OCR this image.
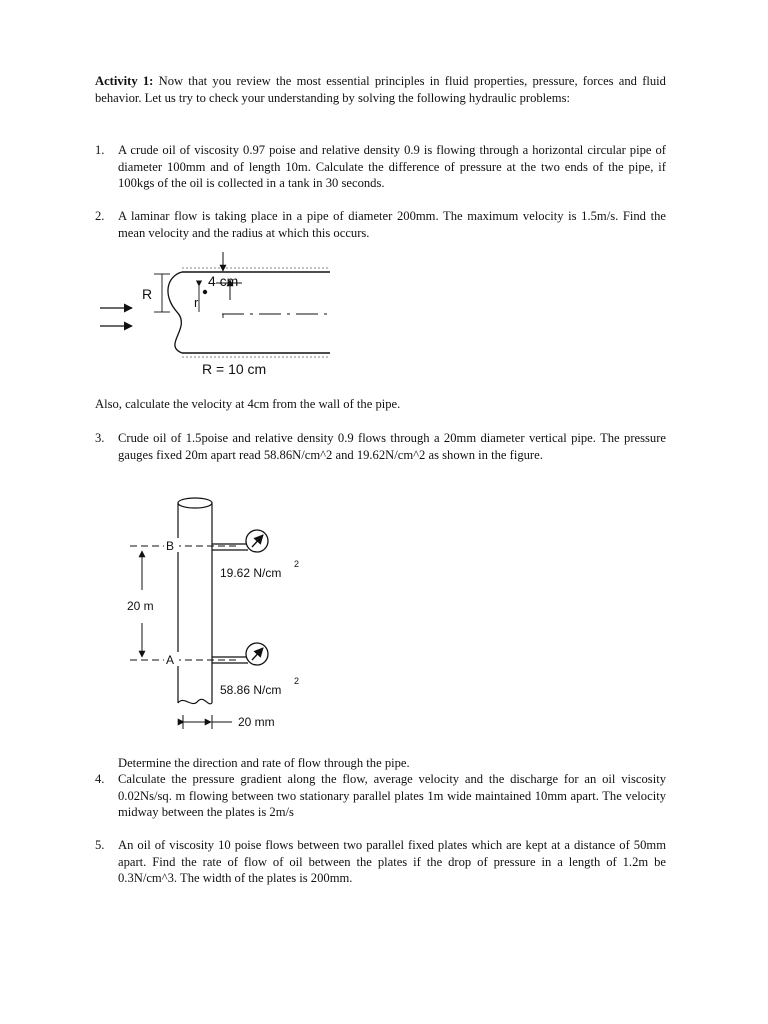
Activity 1: Now that you review the most essential principles in fluid properties, pressure, forces and fluid behavior. Let us try to check your understanding by solving the following hydraulic problems:

1.	A crude oil of viscosity 0.97 poise and relative density 0.9 is flowing through a horizontal circular pipe of diameter 100mm and of length 10m. Calculate the difference of pressure at the two ends of the pipe, if 100kgs of the oil is collected in a tank in 30 seconds.
2.	A laminar flow is taking place in a pipe of diameter 200mm. The maximum velocity is 1.5m/s. Find the mean velocity and the radius at which this occurs.
R
r
4 cm
R = 10 cm
Also, calculate the velocity at 4cm from the wall of the pipe.
3.	Crude oil of 1.5poise and relative density 0.9 flows through a 20mm diameter vertical pipe. The pressure gauges fixed 20m apart read 58.86N/cm^2 and 19.62N/cm^2 as shown in the figure.
B
A
20 m
19.62 N/cm
2
58.86 N/cm
2
20 mm
Determine the direction and rate of flow through the pipe.
4.	Calculate the pressure gradient along the flow, average velocity and the discharge for an oil viscosity 0.02Ns/sq. m flowing between two stationary parallel plates 1m wide maintained 10mm apart. The velocity midway between the plates is 2m/s
5.	An oil of viscosity 10 poise flows between two parallel fixed plates which are kept at a distance of 50mm apart. Find the rate of flow of oil between the plates if the drop of pressure in a length of 1.2m be 0.3N/cm^3. The width of the plates is 200mm.
